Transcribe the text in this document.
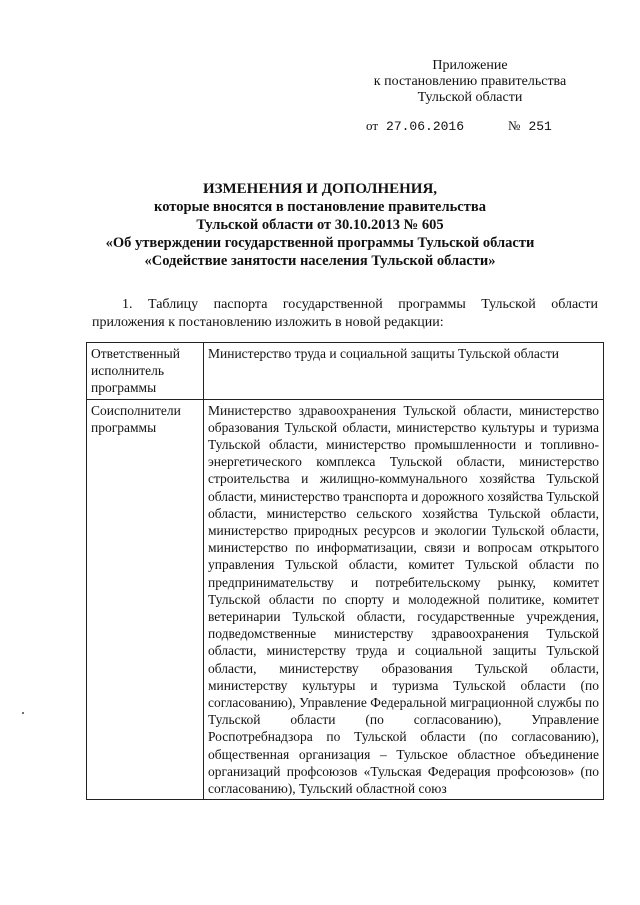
Приложение
к постановлению правительства
Тульской области
от 27.06.2016	№ 251
ИЗМЕНЕНИЯ И ДОПОЛНЕНИЯ,
которые вносятся в постановление правительства
Тульской области от 30.10.2013 № 605
«Об утверждении государственной программы Тульской области
«Содействие занятости населения Тульской области»
1. Таблицу паспорта государственной программы Тульской области приложения к постановлению изложить в новой редакции:
Ответственный исполнитель программы	Министерство труда и социальной защиты Тульской области
Соисполнители программы	Министерство здравоохранения Тульской области, министерство образования Тульской области, министерство культуры и туризма Тульской области, министерство промышленности и топливно-энергетического комплекса Тульской области, министерство строительства и жилищно-коммунального хозяйства Тульской области, министерство транспорта и дорожного хозяйства Тульской области, министерство сельского хозяйства Тульской области, министерство природных ресурсов и экологии Тульской области, министерство по информатизации, связи и вопросам открытого управления Тульской области, комитет Тульской области по предпринимательству и потребительскому рынку, комитет Тульской области по спорту и молодежной политике, комитет ветеринарии Тульской области, государственные учреждения, подведомственные министерству здравоохранения Тульской области, министерству труда и социальной защиты Тульской области, министерству образования Тульской области, министерству культуры и туризма Тульской области (по согласованию), Управление Федеральной миграционной службы по Тульской области (по согласованию), Управление Роспотребнадзора по Тульской области (по согласованию), общественная организация – Тульское областное объединение организаций профсоюзов «Тульская Федерация профсоюзов» (по согласованию), Тульский областной союз
